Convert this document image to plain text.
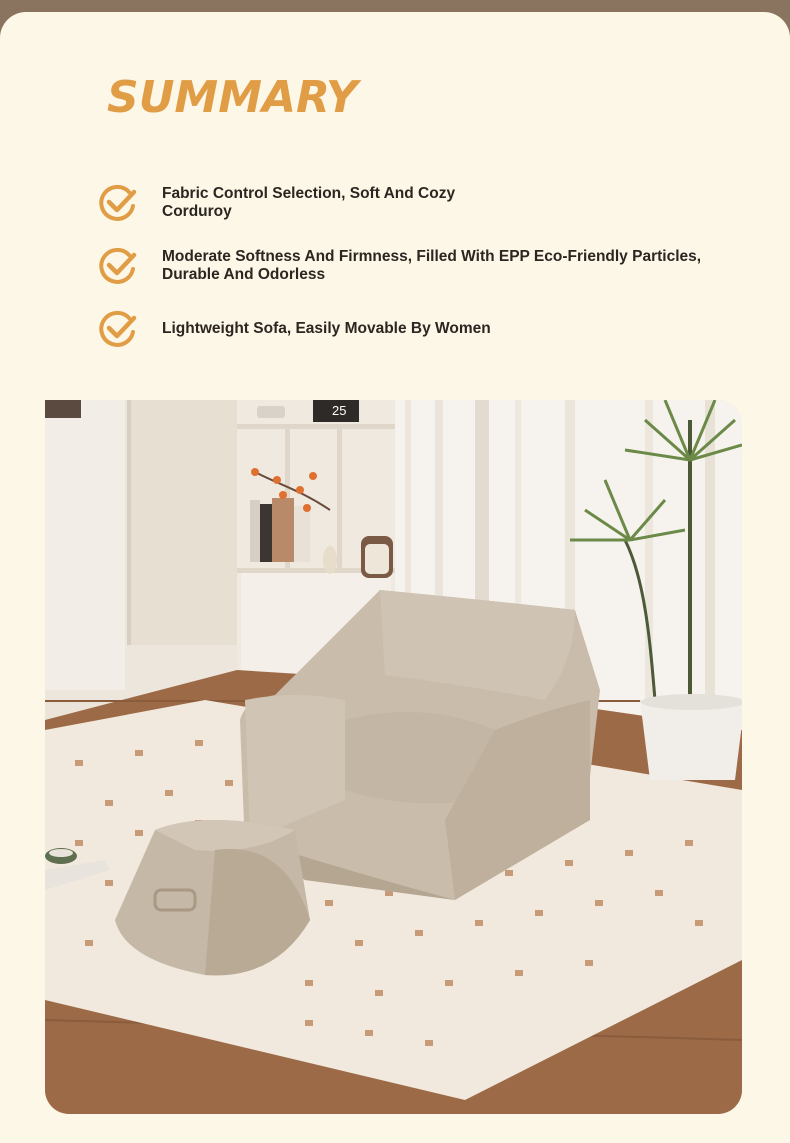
SUMMARY
Fabric Control Selection, Soft And Cozy
Corduroy
Moderate Softness And Firmness, Filled With EPP Eco-Friendly Particles,
Durable And Odorless
Lightweight Sofa, Easily Movable By Women
25
